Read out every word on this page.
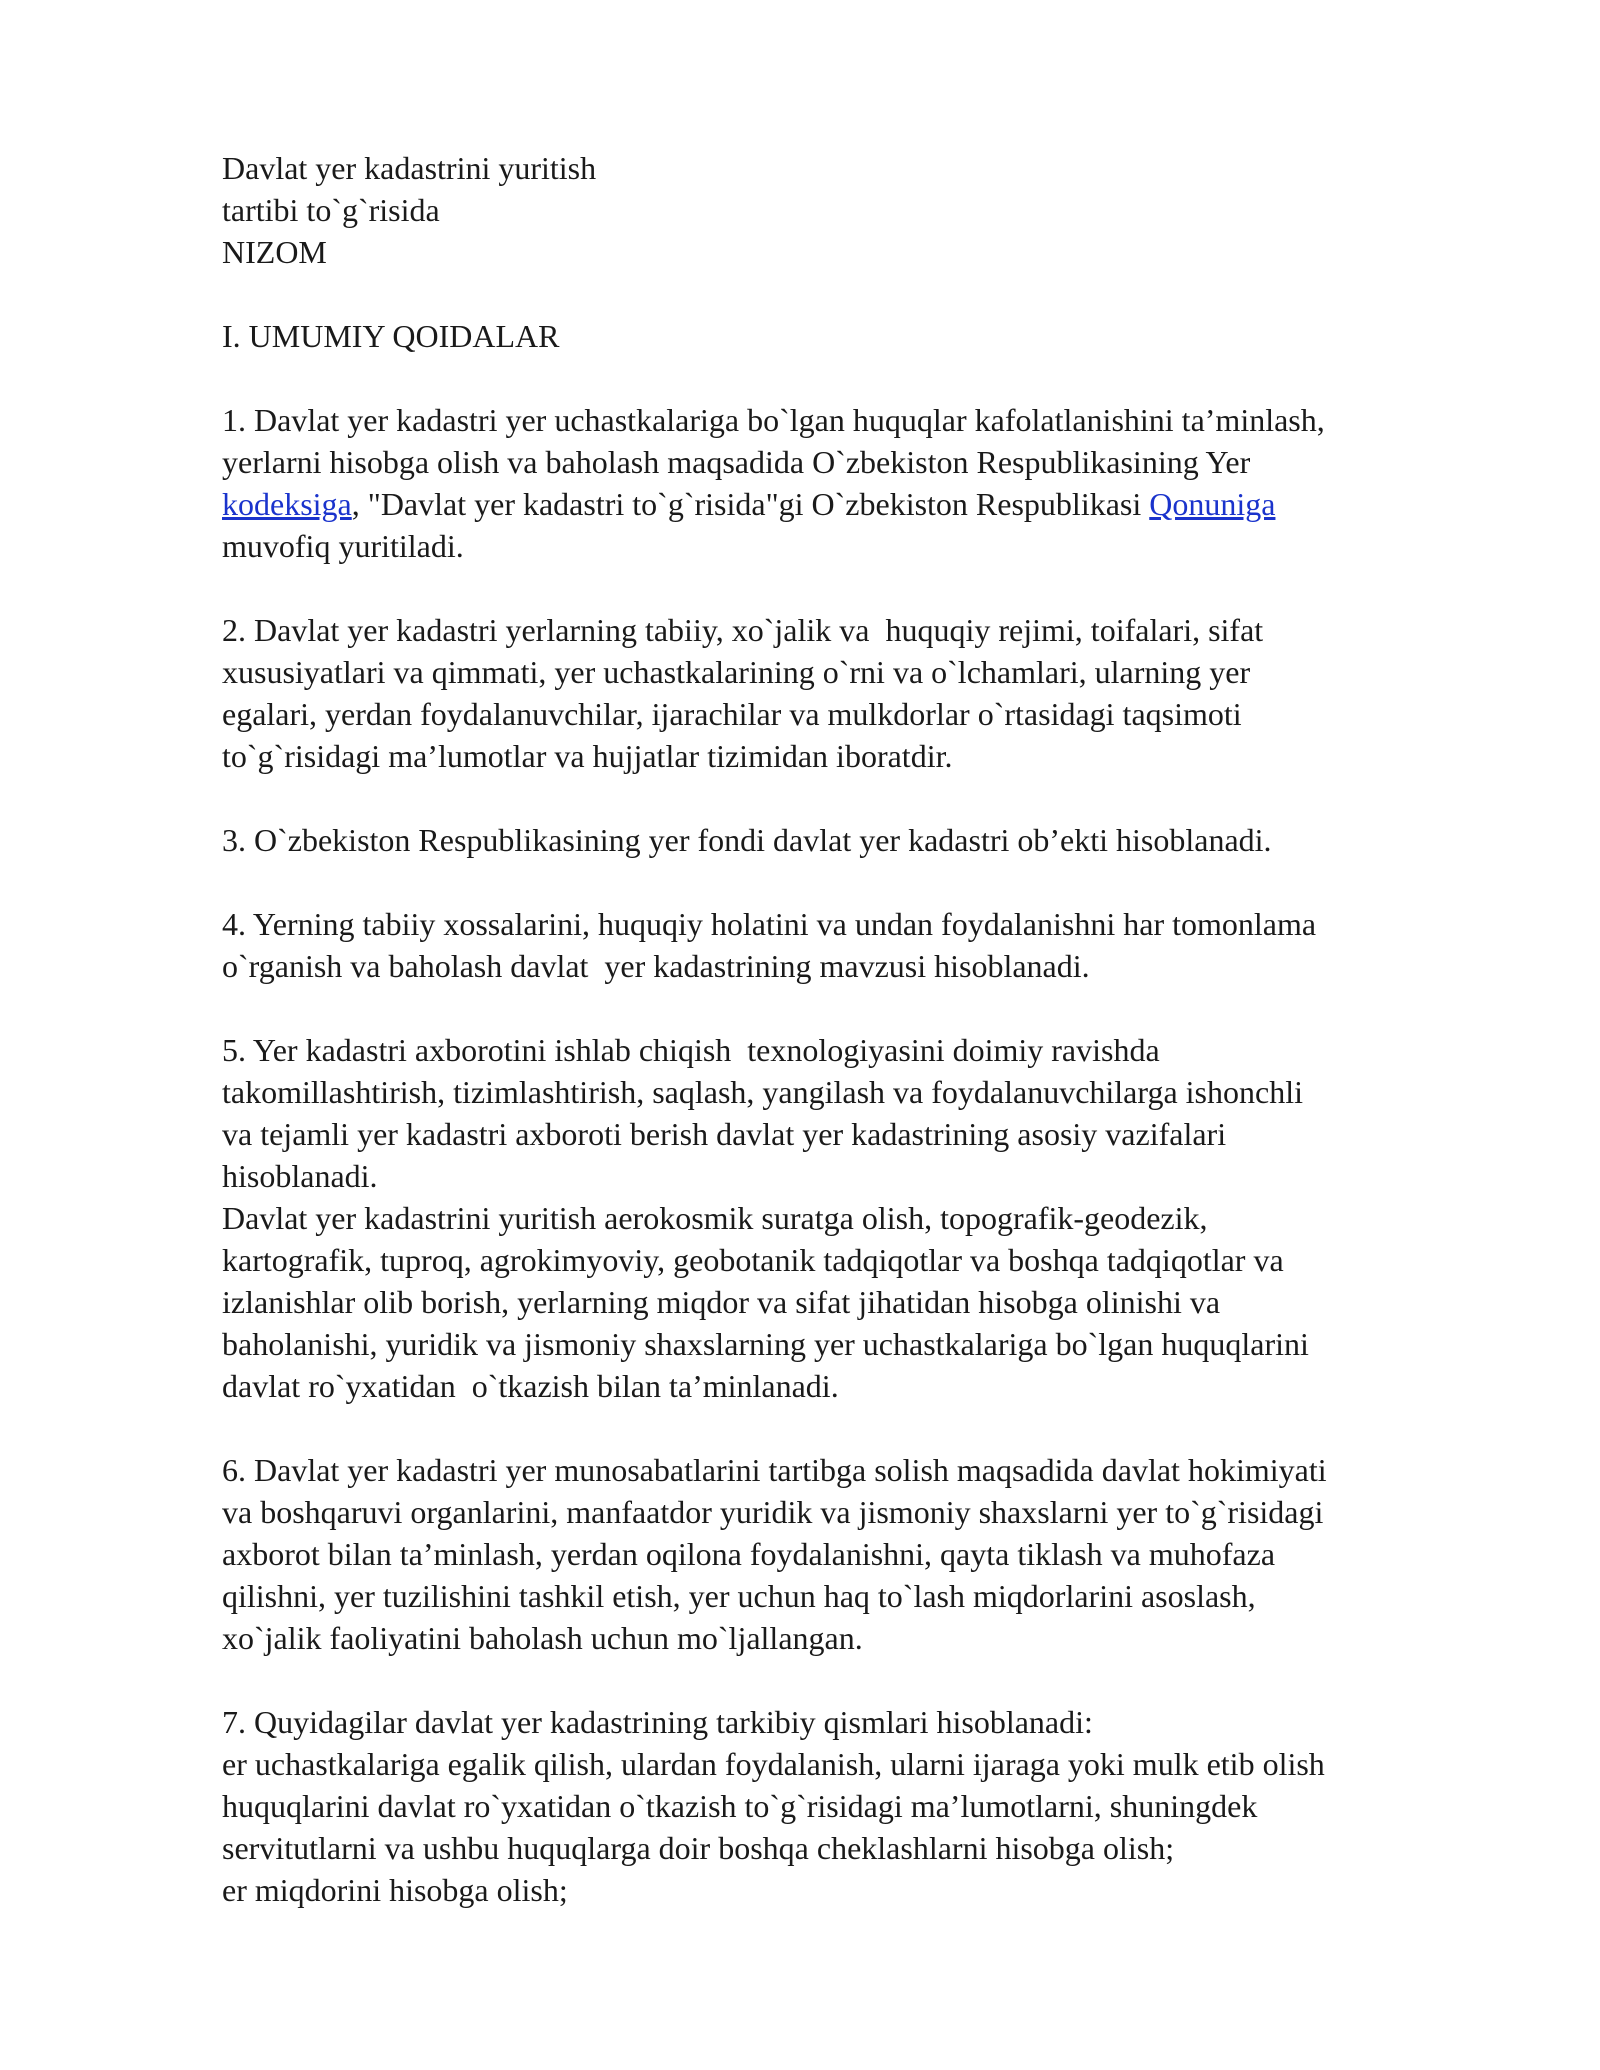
Davlat yer kadastrini yuritish
tartibi to`g`risida
NIZOM
I. UMUMIY QOIDALAR
1. Davlat yer kadastri yer uchastkalariga bo`lgan huquqlar kafolatlanishini ta’minlash,
yerlarni hisobga olish va baholash maqsadida O`zbekiston Respublikasining Yer
kodeksiga, "Davlat yer kadastri to`g`risida"gi O`zbekiston Respublikasi Qonuniga
muvofiq yuritiladi.
2. Davlat yer kadastri yerlarning tabiiy, xo`jalik va  huquqiy rejimi, toifalari, sifat
xususiyatlari va qimmati, yer uchastkalarining o`rni va o`lchamlari, ularning yer
egalari, yerdan foydalanuvchilar, ijarachilar va mulkdorlar o`rtasidagi taqsimoti
to`g`risidagi ma’lumotlar va hujjatlar tizimidan iboratdir.
3. O`zbekiston Respublikasining yer fondi davlat yer kadastri ob’ekti hisoblanadi.
4. Yerning tabiiy xossalarini, huquqiy holatini va undan foydalanishni har tomonlama
o`rganish va baholash davlat  yer kadastrining mavzusi hisoblanadi.
5. Yer kadastri axborotini ishlab chiqish  texnologiyasini doimiy ravishda
takomillashtirish, tizimlashtirish, saqlash, yangilash va foydalanuvchilarga ishonchli
va tejamli yer kadastri axboroti berish davlat yer kadastrining asosiy vazifalari
hisoblanadi.
Davlat yer kadastrini yuritish aerokosmik suratga olish, topografik-geodezik,
kartografik, tuproq, agrokimyoviy, geobotanik tadqiqotlar va boshqa tadqiqotlar va
izlanishlar olib borish, yerlarning miqdor va sifat jihatidan hisobga olinishi va
baholanishi, yuridik va jismoniy shaxslarning yer uchastkalariga bo`lgan huquqlarini
davlat ro`yxatidan  o`tkazish bilan ta’minlanadi.
6. Davlat yer kadastri yer munosabatlarini tartibga solish maqsadida davlat hokimiyati
va boshqaruvi organlarini, manfaatdor yuridik va jismoniy shaxslarni yer to`g`risidagi
axborot bilan ta’minlash, yerdan oqilona foydalanishni, qayta tiklash va muhofaza
qilishni, yer tuzilishini tashkil etish, yer uchun haq to`lash miqdorlarini asoslash,
xo`jalik faoliyatini baholash uchun mo`ljallangan.
7. Quyidagilar davlat yer kadastrining tarkibiy qismlari hisoblanadi:
er uchastkalariga egalik qilish, ulardan foydalanish, ularni ijaraga yoki mulk etib olish
huquqlarini davlat ro`yxatidan o`tkazish to`g`risidagi ma’lumotlarni, shuningdek
servitutlarni va ushbu huquqlarga doir boshqa cheklashlarni hisobga olish;
er miqdorini hisobga olish;
